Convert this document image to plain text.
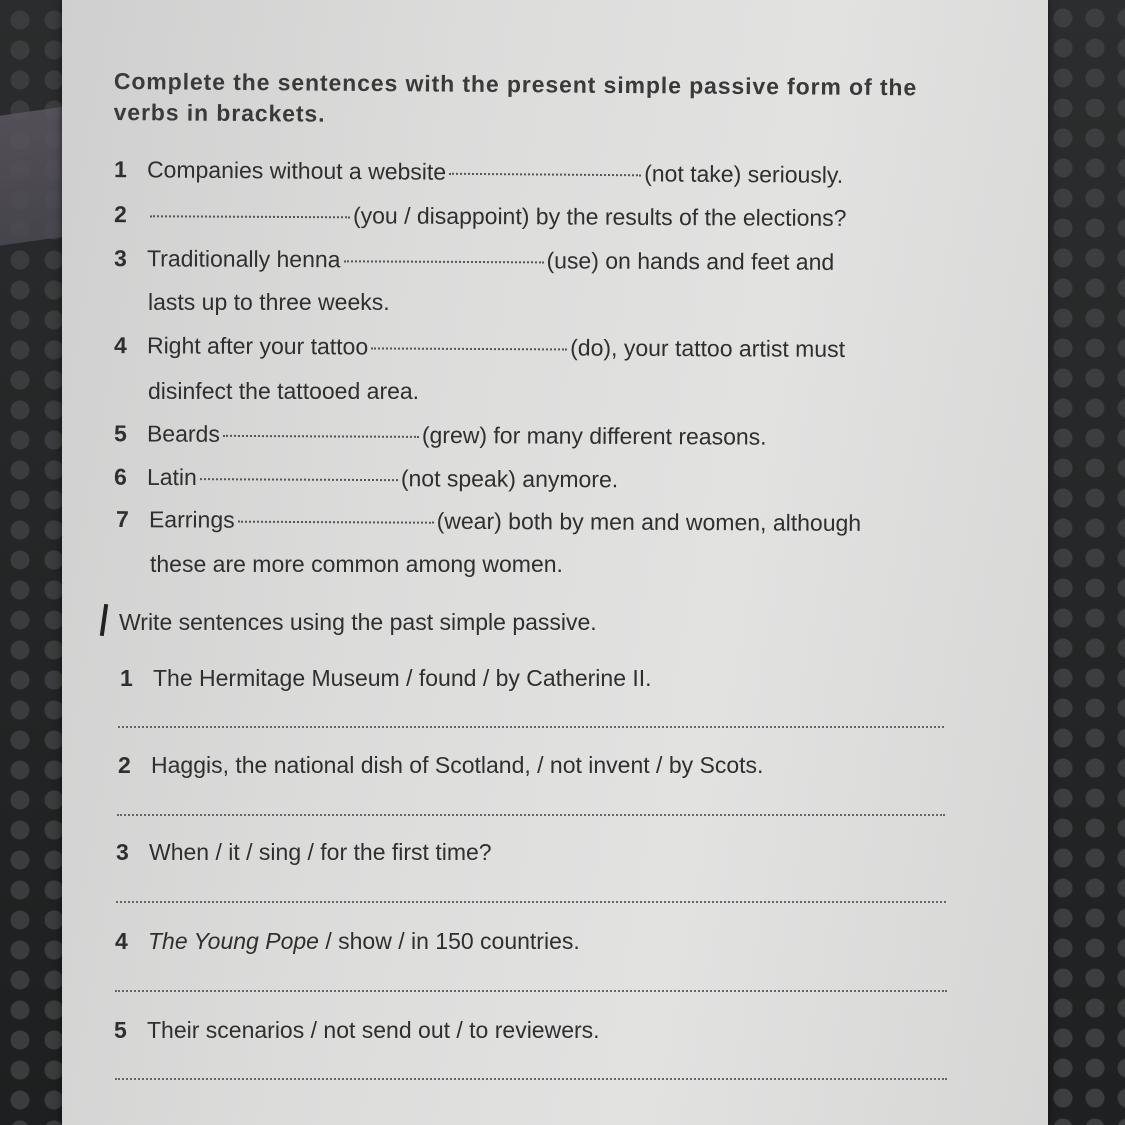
Complete the sentences with the present simple passive form of the verbs in brackets.
1 Companies without a website	(not take) seriously.
2	(you / disappoint) by the results of the elections?
3 Traditionally henna	(use) on hands and feet and
lasts up to three weeks.
4 Right after your tattoo	(do), your tattoo artist must
disinfect the tattooed area.
5 Beards	(grew) for many different reasons.
6 Latin	(not speak) anymore.
7 Earrings	(wear) both by men and women, although
these are more common among women.
Write sentences using the past simple passive.
1 The Hermitage Museum / found / by Catherine II.
2 Haggis, the national dish of Scotland, / not invent / by Scots.
3 When / it / sing / for the first time?
4 The Young Pope / show / in 150 countries.
5 Their scenarios / not send out / to reviewers.
